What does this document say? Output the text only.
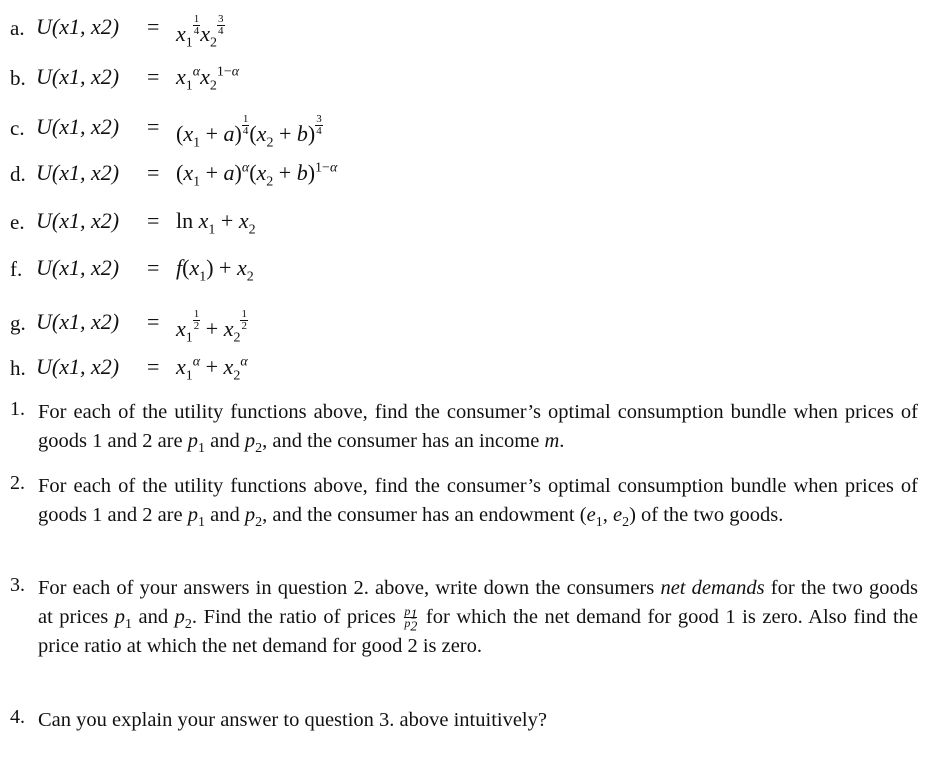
a. U(x1, $x2) = x_1$
$\frac{1}{4} x_2$
$\frac{3}{4}$
b. U(x1, $x2) = x_1^\alpha x_2^{1-\alpha}$
c. U(x1, $x2) = (x_1 + a) \frac{1}{4} (x_2 + b) \frac{3}{4}$
d. U(x1, $x2) = (x_1 + a)^\alpha(x_2 + b)^{1-\alpha}$
e. U(x1, $x2) = \ln x_1 + x_2$
f. U(x1, $x2) = f(x_1) + x_2$
g. U(x1, $x2) = x_1$
$\frac{1}{2} + x_2$
$\frac{1}{2}$
h. U(x1, $x2) = x_1^\alpha + x_2^\alpha$
1. For each of the utility functions above, find the consumer’s optimal consumption bundle when prices of goods 1 and 2 are $p_1$ and $p_2$, and the consumer has an income m.
2. For each of the utility functions above, find the consumer’s optimal consumption bundle when prices of goods 1 and 2 are $p_1$ and $p_2$, and the consumer has an endowment ($e_1$, $e_2$) of the two goods.
3. For each of your answers in question 2. above, write down the consumers net demands for the two goods at prices $p_1$ and $p_2$. Find the ratio of prices $\frac{p_1}{p_2}$ for which the net demand for good 1 is zero. Also find the price ratio at which the net demand for good 2 is zero.
4. Can you explain your answer to question 3. above intuitively?
